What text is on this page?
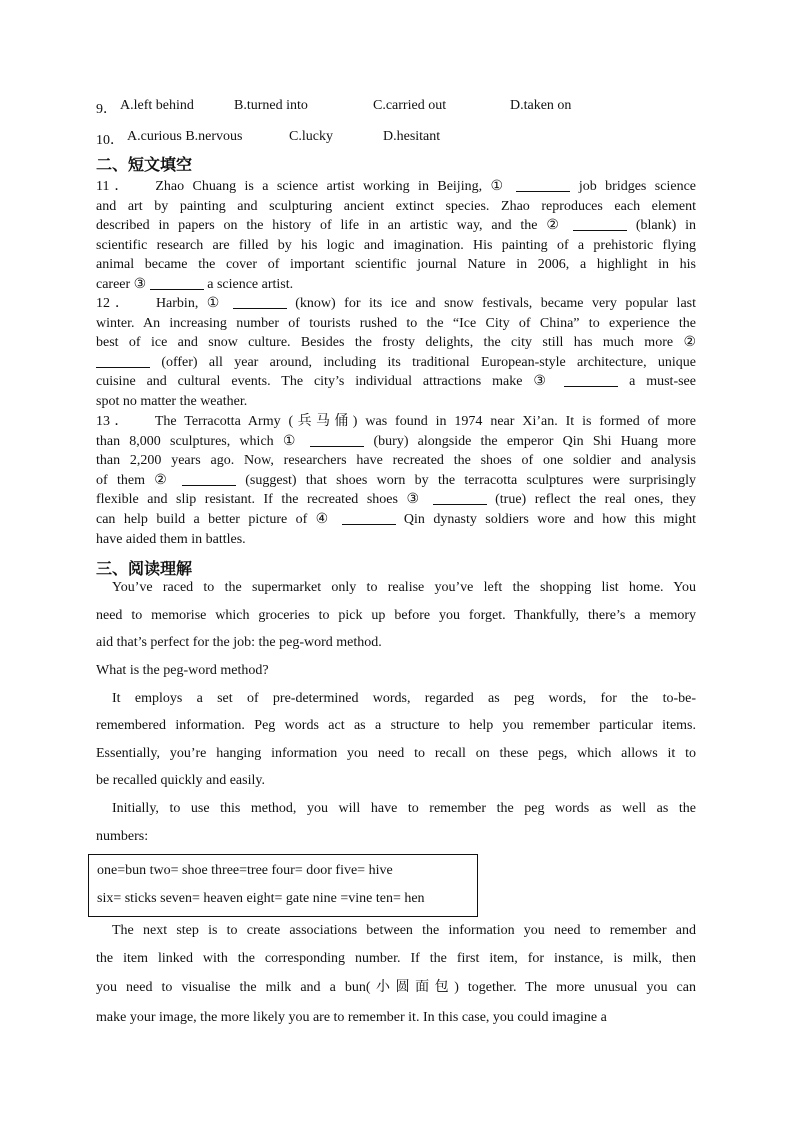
9． A.left behind	B.turned into	C.carried out	D.taken on
10． A.curious B.nervous	C.lucky	D.hesitant
二、短文填空
11． Zhao Chuang is a science artist working in Beijing, ①	job bridges science
and art by painting and sculpturing ancient extinct species. Zhao reproduces each element
described in papers on the history of life in an artistic way, and the ②	(blank) in
scientific research are filled by his logic and imagination. His painting of a prehistoric flying
animal became the cover of important scientific journal Nature in 2006, a highlight in his
career ③	a science artist.
12． Harbin, ①	(know) for its ice and snow festivals, became very popular last
winter. An increasing number of tourists rushed to the “Ice City of China” to experience the
best of ice and snow culture. Besides the frosty delights, the city still has much more ②
(offer) all year around, including its traditional European-style architecture, unique
cuisine and cultural events. The city’s individual attractions make ③	a must-see
spot no matter the weather.
13． The Terracotta Army (兵马俑) was found in 1974 near Xi’an. It is formed of more
than 8,000 sculptures, which ①	(bury) alongside the emperor Qin Shi Huang more
than 2,200 years ago. Now, researchers have recreated the shoes of one soldier and analysis
of them ②	(suggest) that shoes worn by the terracotta sculptures were surprisingly
flexible and slip resistant. If the recreated shoes ③	(true) reflect the real ones, they
can help build a better picture of ④	Qin dynasty soldiers wore and how this might
have aided them in battles.
三、阅读理解
You’ve raced to the supermarket only to realise you’ve left the shopping list home. You
need to memorise which groceries to pick up before you forget. Thankfully, there’s a memory
aid that’s perfect for the job: the peg-word method.
What is the peg-word method?
It employs a set of pre-determined words, regarded as peg words, for the to-be-
remembered information. Peg words act as a structure to help you remember particular items.
Essentially, you’re hanging information you need to recall on these pegs, which allows it to
be recalled quickly and easily.
Initially, to use this method, you will have to remember the peg words as well as the
numbers:
The next step is to create associations between the information you need to remember and
the item linked with the corresponding number. If the first item, for instance, is milk, then
you need to visualise the milk and a bun(小圆面包) together. The more unusual you can
make your image, the more likely you are to remember it. In this case, you could imagine a
one=bun two= shoe three=tree four= door five= hive
six= sticks seven= heaven eight= gate nine =vine ten= hen
